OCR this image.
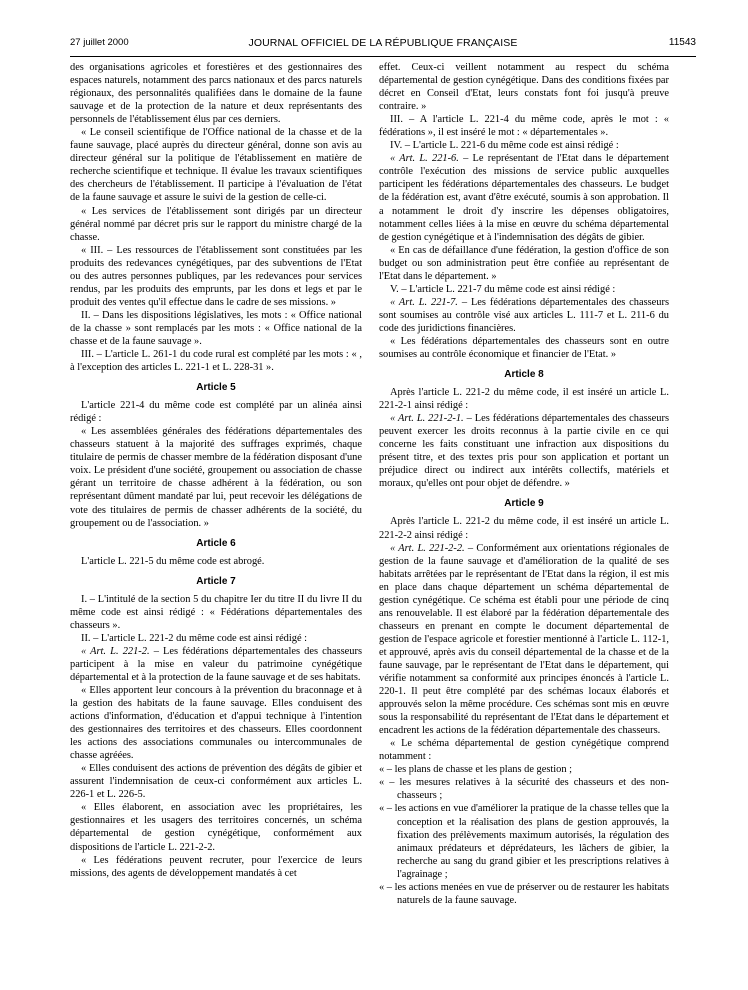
27 juillet 2000	JOURNAL OFFICIEL DE LA RÉPUBLIQUE FRANÇAISE	11543

des organisations agricoles et forestières et des gestionnaires des espaces naturels, notamment des parcs nationaux et des parcs naturels régionaux, des personnalités qualifiées dans le domaine de la faune sauvage et de la protection de la nature et deux représentants des personnels de l'établissement élus par ces derniers.

« Le conseil scientifique de l'Office national de la chasse et de la faune sauvage, placé auprès du directeur général, donne son avis au directeur général sur la politique de l'établissement en matière de recherche scientifique et technique. Il évalue les travaux scientifiques des chercheurs de l'établissement. Il participe à l'évaluation de l'état de la faune sauvage et assure le suivi de la gestion de celle-ci.

« Les services de l'établissement sont dirigés par un directeur général nommé par décret pris sur le rapport du ministre chargé de la chasse.

« III. – Les ressources de l'établissement sont constituées par les produits des redevances cynégétiques, par des subventions de l'Etat ou des autres personnes publiques, par les redevances pour services rendus, par les produits des emprunts, par les dons et legs et par le produit des ventes qu'il effectue dans le cadre de ses missions. »

II. – Dans les dispositions législatives, les mots : « Office national de la chasse » sont remplacés par les mots : « Office national de la chasse et de la faune sauvage ».

III. – L'article L. 261-1 du code rural est complété par les mots : « , à l'exception des articles L. 221-1 et L. 228-31 ».

Article 5

L'article 221-4 du même code est complété par un alinéa ainsi rédigé :

« Les assemblées générales des fédérations départementales des chasseurs statuent à la majorité des suffrages exprimés, chaque titulaire de permis de chasser membre de la fédération disposant d'une voix. Le président d'une société, groupement ou association de chasse gérant un territoire de chasse adhérent à la fédération, ou son représentant dûment mandaté par lui, peut recevoir les délégations de vote des titulaires de permis de chasser adhérents de la société, du groupement ou de l'association. »

Article 6

L'article L. 221-5 du même code est abrogé.

Article 7

I. – L'intitulé de la section 5 du chapitre Ier du titre II du livre II du même code est ainsi rédigé : « Fédérations départementales des chasseurs ».

II. – L'article L. 221-2 du même code est ainsi rédigé :

« Art. L. 221-2. – Les fédérations départementales des chasseurs participent à la mise en valeur du patrimoine cynégétique départemental et à la protection de la faune sauvage et de ses habitats.

« Elles apportent leur concours à la prévention du braconnage et à la gestion des habitats de la faune sauvage. Elles conduisent des actions d'information, d'éducation et d'appui technique à l'intention des gestionnaires des territoires et des chasseurs. Elles coordonnent les actions des associations communales ou intercommunales de chasse agréées.

« Elles conduisent des actions de prévention des dégâts de gibier et assurent l'indemnisation de ceux-ci conformément aux articles L. 226-1 et L. 226-5.

« Elles élaborent, en association avec les propriétaires, les gestionnaires et les usagers des territoires concernés, un schéma départemental de gestion cynégétique, conformément aux dispositions de l'article L. 221-2-2.

« Les fédérations peuvent recruter, pour l'exercice de leurs missions, des agents de développement mandatés à cet

effet. Ceux-ci veillent notamment au respect du schéma départemental de gestion cynégétique. Dans des conditions fixées par décret en Conseil d'Etat, leurs constats font foi jusqu'à preuve contraire. »

III. – A l'article L. 221-4 du même code, après le mot : « fédérations », il est inséré le mot : « départementales ».

IV. – L'article L. 221-6 du même code est ainsi rédigé :

« Art. L. 221-6. – Le représentant de l'Etat dans le département contrôle l'exécution des missions de service public auxquelles participent les fédérations départementales des chasseurs. Le budget de la fédération est, avant d'être exécuté, soumis à son approbation. Il a notamment le droit d'y inscrire les dépenses obligatoires, notamment celles liées à la mise en œuvre du schéma départemental de gestion cynégétique et à l'indemnisation des dégâts de gibier.

« En cas de défaillance d'une fédération, la gestion d'office de son budget ou son administration peut être confiée au représentant de l'Etat dans le département. »

V. – L'article L. 221-7 du même code est ainsi rédigé :

« Art. L. 221-7. – Les fédérations départementales des chasseurs sont soumises au contrôle visé aux articles L. 111-7 et L. 211-6 du code des juridictions financières.

« Les fédérations départementales des chasseurs sont en outre soumises au contrôle économique et financier de l'Etat. »

Article 8

Après l'article L. 221-2 du même code, il est inséré un article L. 221-2-1 ainsi rédigé :

« Art. L. 221-2-1. – Les fédérations départementales des chasseurs peuvent exercer les droits reconnus à la partie civile en ce qui concerne les faits constituant une infraction aux dispositions du présent titre, et des textes pris pour son application et portant un préjudice direct ou indirect aux intérêts collectifs, matériels et moraux, qu'elles ont pour objet de défendre. »

Article 9

Après l'article L. 221-2 du même code, il est inséré un article L. 221-2-2 ainsi rédigé :

« Art. L. 221-2-2. – Conformément aux orientations régionales de gestion de la faune sauvage et d'amélioration de la qualité de ses habitats arrêtées par le représentant de l'Etat dans la région, il est mis en place dans chaque département un schéma départemental de gestion cynégétique. Ce schéma est établi pour une période de cinq ans renouvelable. Il est élaboré par la fédération départementale des chasseurs en prenant en compte le document départemental de gestion de l'espace agricole et forestier mentionné à l'article L. 112-1, et approuvé, après avis du conseil départemental de la chasse et de la faune sauvage, par le représentant de l'Etat dans le département, qui vérifie notamment sa conformité aux principes énoncés à l'article L. 220-1. Il peut être complété par des schémas locaux élaborés et approuvés selon la même procédure. Ces schémas sont mis en œuvre sous la responsabilité du représentant de l'Etat dans le département et encadrent les actions de la fédération départementale des chasseurs.

« Le schéma départemental de gestion cynégétique comprend notamment :

« – les plans de chasse et les plans de gestion ;
« – les mesures relatives à la sécurité des chasseurs et des non-chasseurs ;
« – les actions en vue d'améliorer la pratique de la chasse telles que la conception et la réalisation des plans de gestion approuvés, la fixation des prélèvements maximum autorisés, la régulation des animaux prédateurs et déprédateurs, les lâchers de gibier, la recherche au sang du grand gibier et les prescriptions relatives à l'agrainage ;
« – les actions menées en vue de préserver ou de restaurer les habitats naturels de la faune sauvage.
